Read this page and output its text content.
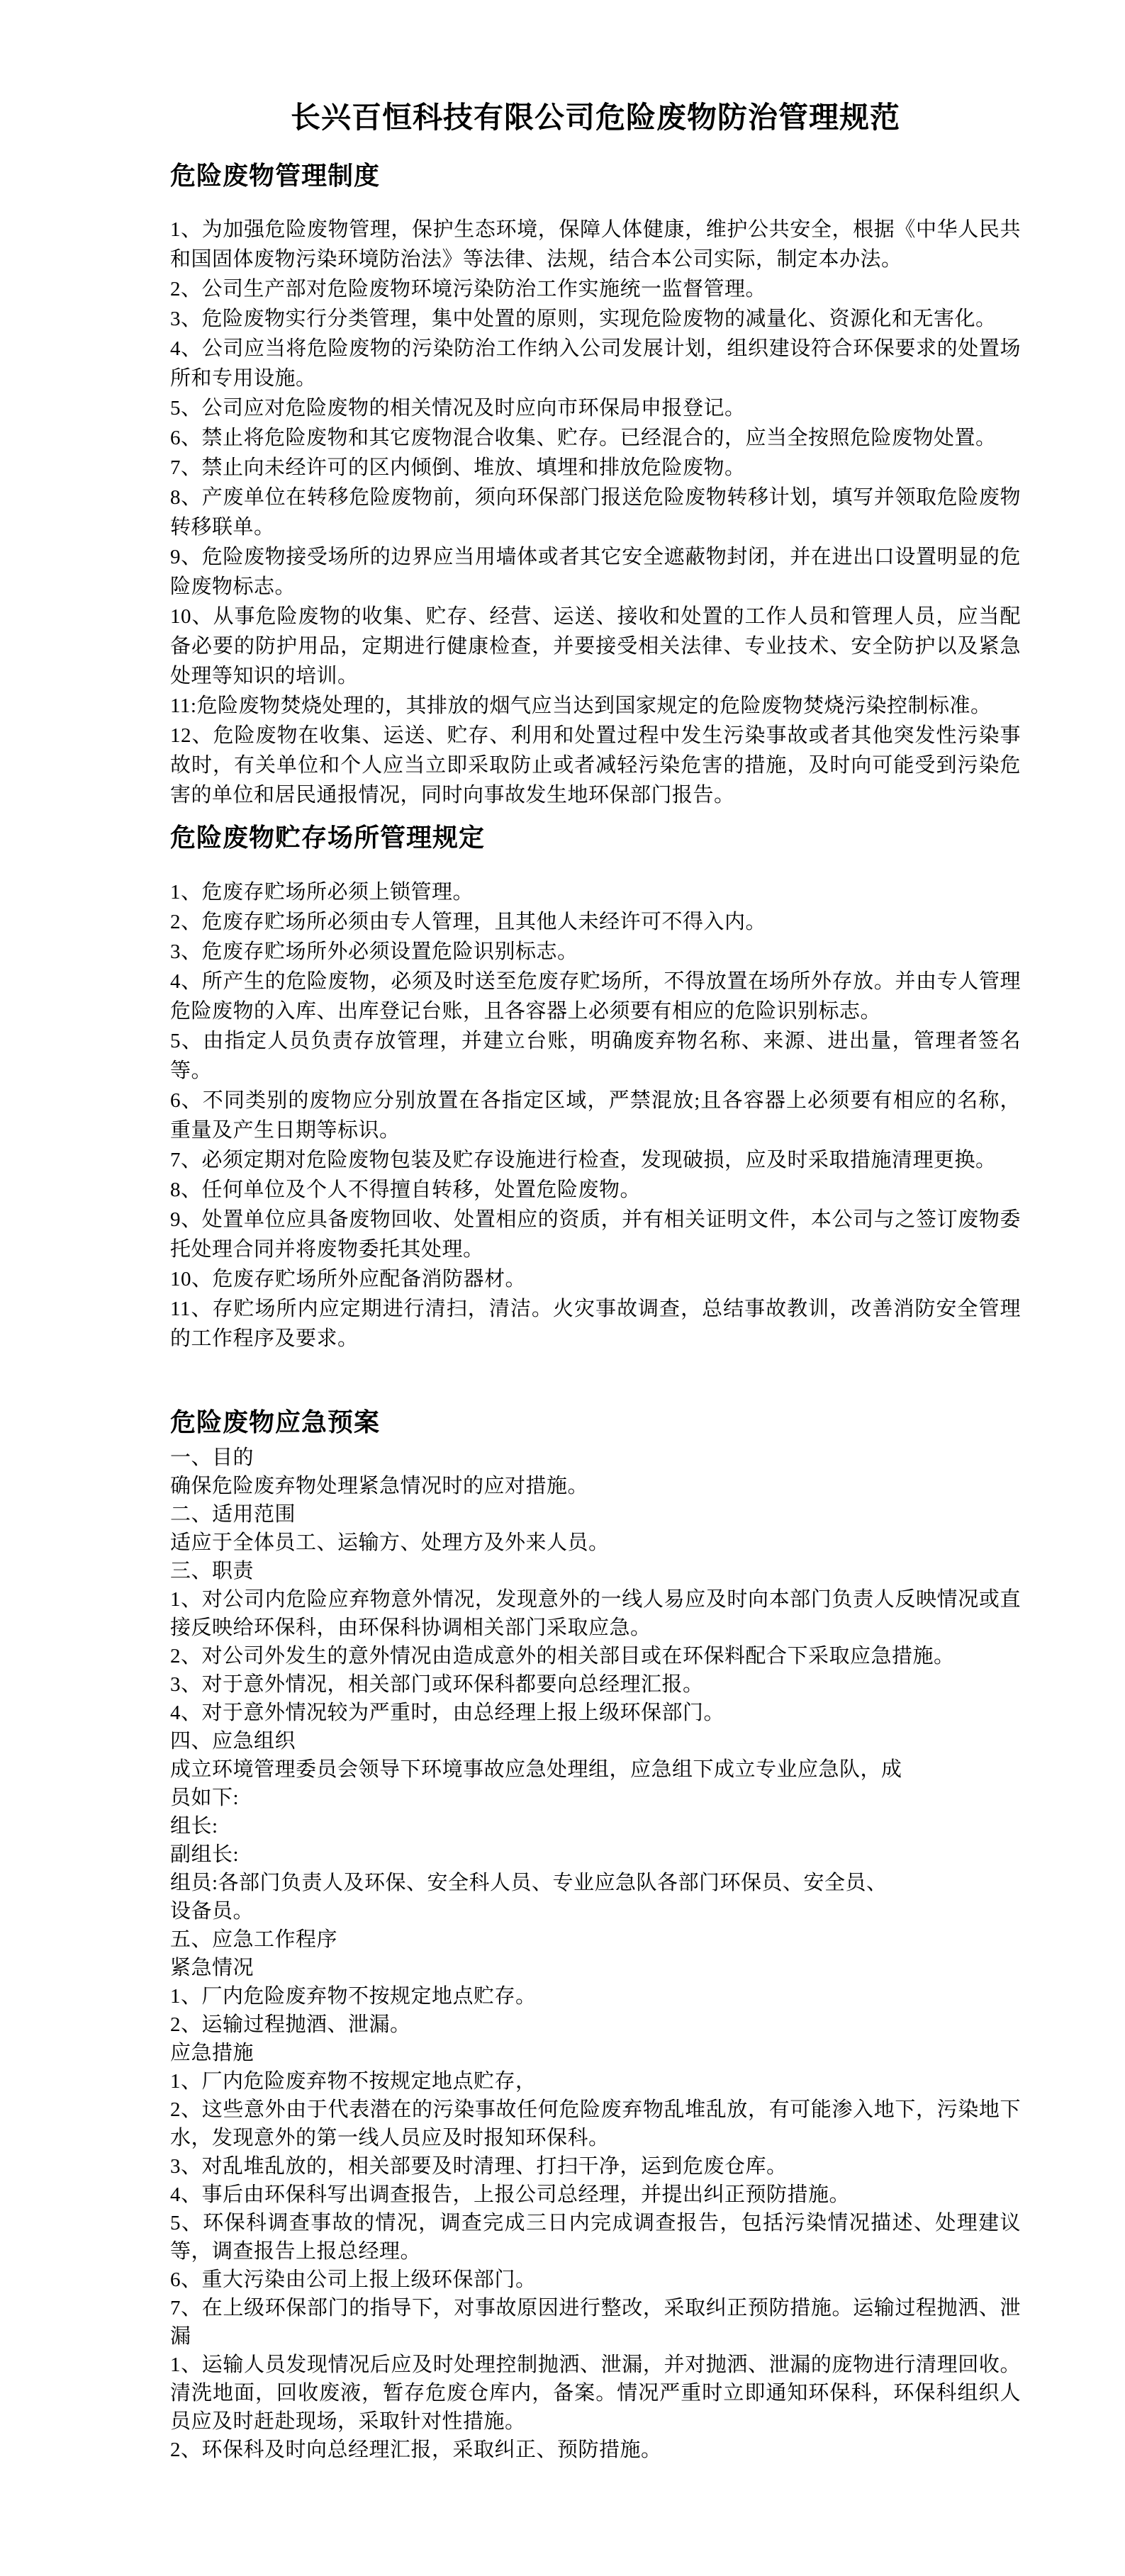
长兴百恒科技有限公司危险废物防治管理规范
危险废物管理制度

1、为加强危险废物管理，保护生态环境，保障人体健康，维护公共安全，根据《中华人民共和国固体废物污染环境防治法》等法律、法规，结合本公司实际，制定本办法。

2、公司生产部对危险废物环境污染防治工作实施统一监督管理。

3、危险废物实行分类管理，集中处置的原则，实现危险废物的减量化、资源化和无害化。

4、公司应当将危险废物的污染防治工作纳入公司发展计划，组织建设符合环保要求的处置场所和专用设施。

5、公司应对危险废物的相关情况及时应向市环保局申报登记。

6、禁止将危险废物和其它废物混合收集、贮存。已经混合的，应当全按照危险废物处置。

7、禁止向未经许可的区内倾倒、堆放、填埋和排放危险废物。

8、产废单位在转移危险废物前，须向环保部门报送危险废物转移计划，填写并领取危险废物转移联单。

9、危险废物接受场所的边界应当用墙体或者其它安全遮蔽物封闭，并在进出口设置明显的危险废物标志。

10、从事危险废物的收集、贮存、经营、运送、接收和处置的工作人员和管理人员，应当配备必要的防护用品，定期进行健康检查，并要接受相关法律、专业技术、安全防护以及紧急处理等知识的培训。

11:危险废物焚烧处理的，其排放的烟气应当达到国家规定的危险废物焚烧污染控制标准。

12、危险废物在收集、运送、贮存、利用和处置过程中发生污染事故或者其他突发性污染事故时，有关单位和个人应当立即采取防止或者减轻污染危害的措施，及时向可能受到污染危害的单位和居民通报情况，同时向事故发生地环保部门报告。

危险废物贮存场所管理规定

1、危废存贮场所必须上锁管理。

2、危废存贮场所必须由专人管理，且其他人未经许可不得入内。

3、危废存贮场所外必须设置危险识别标志。

4、所产生的危险废物，必须及时送至危废存贮场所，不得放置在场所外存放。并由专人管理危险废物的入库、出库登记台账，且各容器上必须要有相应的危险识别标志。

5、由指定人员负责存放管理，并建立台账，明确废弃物名称、来源、进出量，管理者签名等。

6、不同类别的废物应分别放置在各指定区域，严禁混放;且各容器上必须要有相应的名称，重量及产生日期等标识。

7、必须定期对危险废物包装及贮存设施进行检查，发现破损，应及时采取措施清理更换。

8、任何单位及个人不得擅自转移，处置危险废物。

9、处置单位应具备废物回收、处置相应的资质，并有相关证明文件，本公司与之签订废物委托处理合同并将废物委托其处理。

10、危废存贮场所外应配备消防器材。

11、存贮场所内应定期进行清扫，清洁。火灾事故调查，总结事故教训，改善消防安全管理的工作程序及要求。

危险废物应急预案

一、目的

确保危险废弃物处理紧急情况时的应对措施。

二、适用范围

适应于全体员工、运输方、处理方及外来人员。

三、职责

1、对公司内危险应弃物意外情况，发现意外的一线人易应及时向本部门负责人反映情况或直接反映给环保科，由环保科协调相关部门采取应急。

2、对公司外发生的意外情况由造成意外的相关部目或在环保料配合下采取应急措施。

3、对于意外情况，相关部门或环保科都要向总经理汇报。

4、对于意外情况较为严重时，由总经理上报上级环保部门。

四、应急组织

成立环境管理委员会领导下环境事故应急处理组，应急组下成立专业应急队，成

员如下:

组长:

副组长:

组员:各部门负责人及环保、安全科人员、专业应急队各部门环保员、安全员、

设备员。

五、应急工作程序

紧急情况

1、厂内危险废弃物不按规定地点贮存。

2、运输过程抛酒、泄漏。

应急措施

1、厂内危险废弃物不按规定地点贮存，

2、这些意外由于代表潜在的污染事故任何危险废弃物乱堆乱放，有可能渗入地下，污染地下水，发现意外的第一线人员应及时报知环保科。

3、对乱堆乱放的，相关部要及时清理、打扫干净，运到危废仓库。

4、事后由环保科写出调查报告，上报公司总经理，并提出纠正预防措施。

5、环保科调查事故的情况，调查完成三日内完成调查报告，包括污染情况描述、处理建议等，调查报告上报总经理。

6、重大污染由公司上报上级环保部门。

7、在上级环保部门的指导下，对事故原因进行整改，采取纠正预防措施。运输过程抛洒、泄漏

1、运输人员发现情况后应及时处理控制抛洒、泄漏，并对抛洒、泄漏的庞物进行清理回收。清洗地面，回收废液，暂存危废仓库内，备案。情况严重时立即通知环保科，环保科组织人员应及时赶赴现场，采取针对性措施。

2、环保科及时向总经理汇报，采取纠正、预防措施。
